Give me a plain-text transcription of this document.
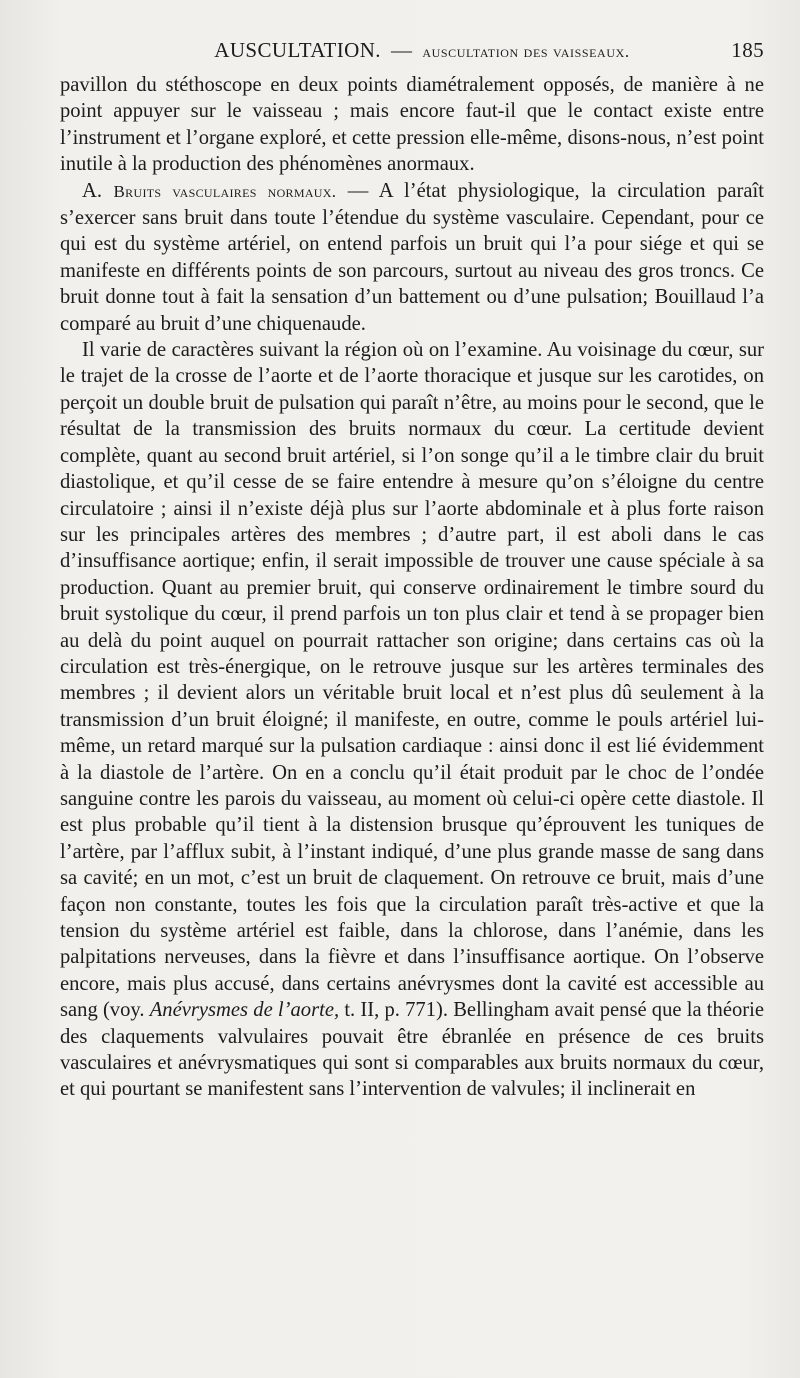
AUSCULTATION. — auscultation des vaisseaux.	185

pavillon du stéthoscope en deux points diamétralement opposés, de manière à ne point appuyer sur le vaisseau ; mais encore faut-il que le contact existe entre l’instrument et l’organe exploré, et cette pression elle-même, disons-nous, n’est point inutile à la production des phénomènes anormaux.

A. Bruits vasculaires normaux. — A l’état physiologique, la circulation paraît s’exercer sans bruit dans toute l’étendue du système vasculaire. Cependant, pour ce qui est du système artériel, on entend parfois un bruit qui l’a pour siége et qui se manifeste en différents points de son parcours, surtout au niveau des gros troncs. Ce bruit donne tout à fait la sensation d’un battement ou d’une pulsation; Bouillaud l’a comparé au bruit d’une chiquenaude.

Il varie de caractères suivant la région où on l’examine. Au voisinage du cœur, sur le trajet de la crosse de l’aorte et de l’aorte thoracique et jusque sur les carotides, on perçoit un double bruit de pulsation qui paraît n’être, au moins pour le second, que le résultat de la transmission des bruits normaux du cœur. La certitude devient complète, quant au second bruit artériel, si l’on songe qu’il a le timbre clair du bruit diastolique, et qu’il cesse de se faire entendre à mesure qu’on s’éloigne du centre circulatoire ; ainsi il n’existe déjà plus sur l’aorte abdominale et à plus forte raison sur les principales artères des membres ; d’autre part, il est aboli dans le cas d’insuffisance aortique; enfin, il serait impossible de trouver une cause spéciale à sa production. Quant au premier bruit, qui conserve ordinairement le timbre sourd du bruit systolique du cœur, il prend parfois un ton plus clair et tend à se propager bien au delà du point auquel on pourrait rattacher son origine; dans certains cas où la circulation est très-énergique, on le retrouve jusque sur les artères terminales des membres ; il devient alors un véritable bruit local et n’est plus dû seulement à la transmission d’un bruit éloigné; il manifeste, en outre, comme le pouls artériel lui-même, un retard marqué sur la pulsation cardiaque : ainsi donc il est lié évidemment à la diastole de l’artère. On en a conclu qu’il était produit par le choc de l’ondée sanguine contre les parois du vaisseau, au moment où celui-ci opère cette diastole. Il est plus probable qu’il tient à la distension brusque qu’éprouvent les tuniques de l’artère, par l’afflux subit, à l’instant indiqué, d’une plus grande masse de sang dans sa cavité; en un mot, c’est un bruit de claquement. On retrouve ce bruit, mais d’une façon non constante, toutes les fois que la circulation paraît très-active et que la tension du système artériel est faible, dans la chlorose, dans l’anémie, dans les palpitations nerveuses, dans la fièvre et dans l’insuffisance aortique. On l’observe encore, mais plus accusé, dans certains anévrysmes dont la cavité est accessible au sang (voy. Anévrysmes de l’aorte, t. II, p. 771). Bellingham avait pensé que la théorie des claquements valvulaires pouvait être ébranlée en présence de ces bruits vasculaires et anévrysmatiques qui sont si comparables aux bruits normaux du cœur, et qui pourtant se manifestent sans l’intervention de valvules; il inclinerait en
